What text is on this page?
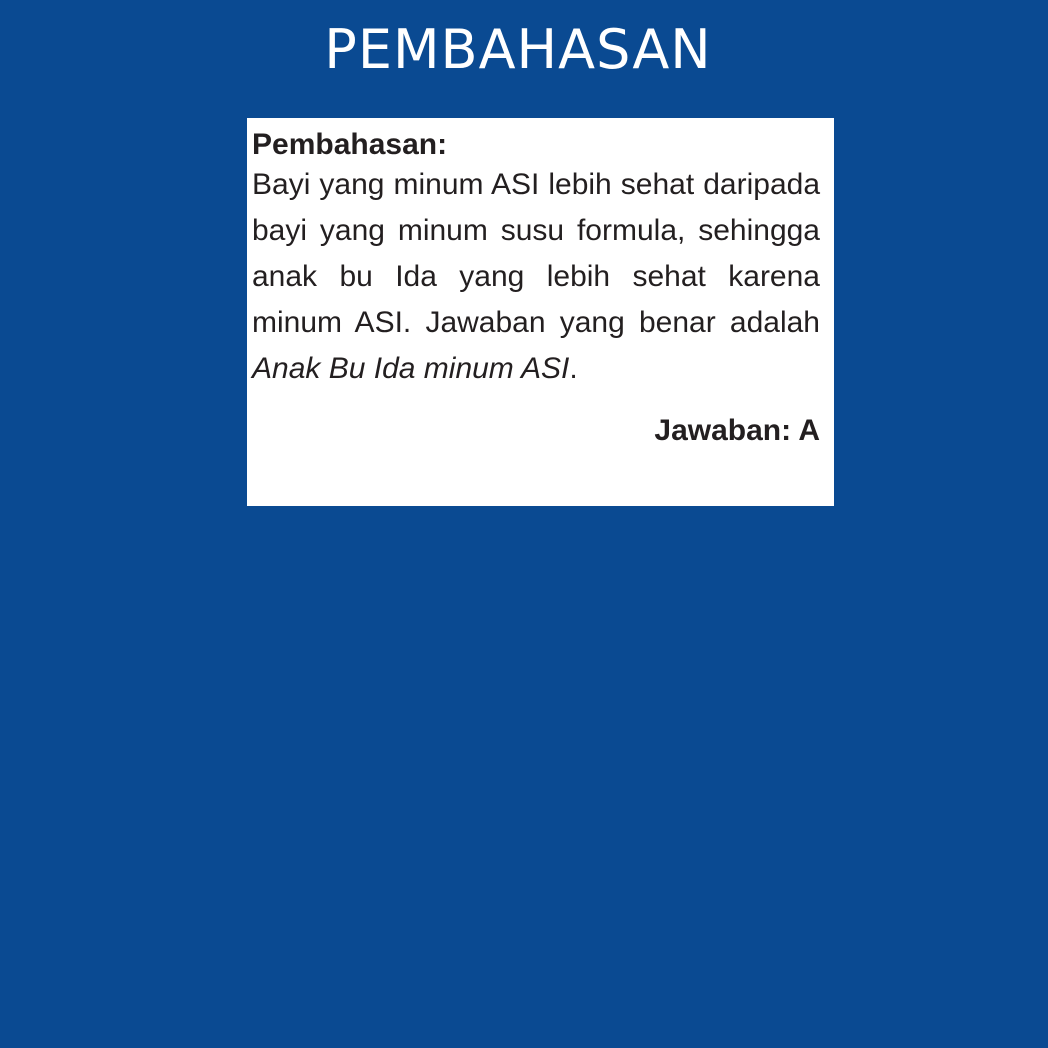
PEMBAHASAN
Pembahasan:

Bayi yang minum ASI lebih sehat daripada bayi yang minum susu formula, sehingga anak bu Ida yang lebih sehat karena minum ASI. Jawaban yang benar adalah Anak Bu Ida minum ASI.

Jawaban: A
